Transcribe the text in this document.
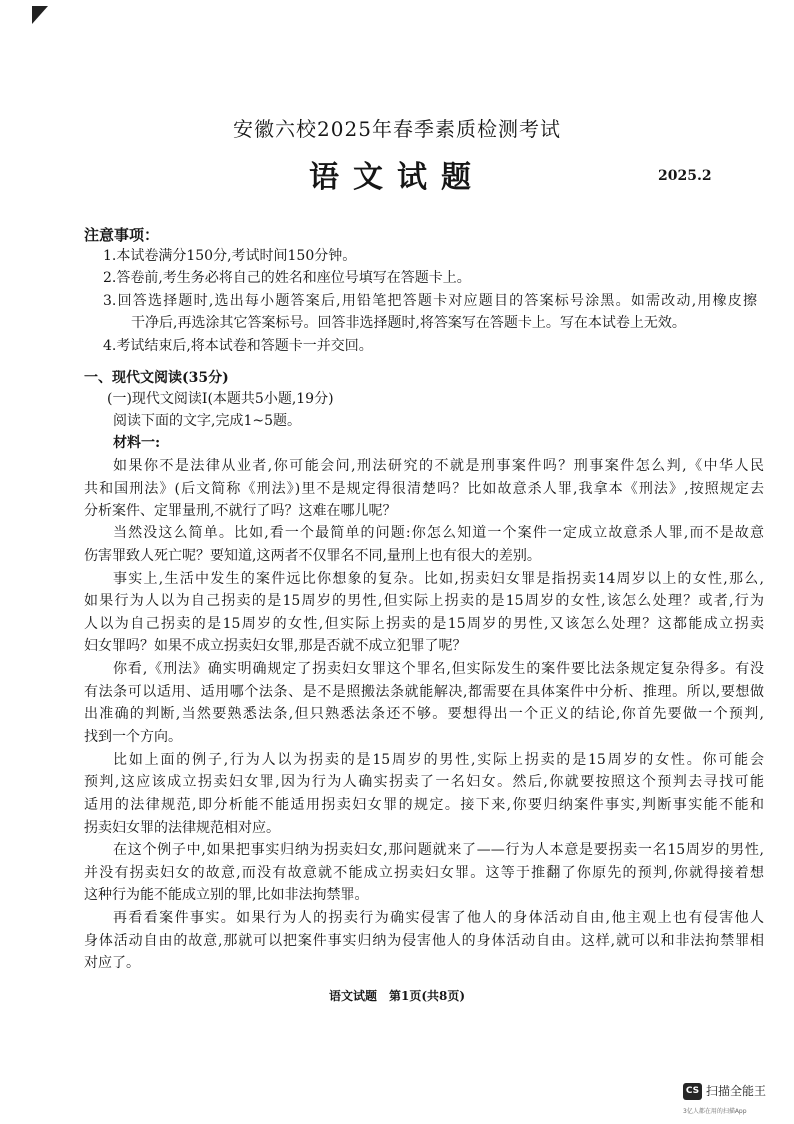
安徽六校2025年春季素质检测考试
语文试题	2025.2
注意事项：
1.本试卷满分150分,考试时间150分钟。
2.答卷前,考生务必将自己的姓名和座位号填写在答题卡上。
3.回答选择题时,选出每小题答案后,用铅笔把答题卡对应题目的答案标号涂黑。如需改动,用橡皮擦
干净后,再选涂其它答案标号。回答非选择题时,将答案写在答题卡上。写在本试卷上无效。
4.考试结束后,将本试卷和答题卡一并交回。
一、现代文阅读(35分)
(一)现代文阅读Ⅰ(本题共5小题,19分)
阅读下面的文字,完成1~5题。
材料一:
如果你不是法律从业者,你可能会问,刑法研究的不就是刑事案件吗？刑事案件怎么判,《中华人民
共和国刑法》(后文简称《刑法》)里不是规定得很清楚吗？比如故意杀人罪,我拿本《刑法》,按照规定去
分析案件、定罪量刑,不就行了吗？这难在哪儿呢？
当然没这么简单。比如,看一个最简单的问题:你怎么知道一个案件一定成立故意杀人罪,而不是故意
伤害罪致人死亡呢？要知道,这两者不仅罪名不同,量刑上也有很大的差别。
事实上,生活中发生的案件远比你想象的复杂。比如,拐卖妇女罪是指拐卖14周岁以上的女性,那么,
如果行为人以为自己拐卖的是15周岁的男性,但实际上拐卖的是15周岁的女性,该怎么处理？或者,行为
人以为自己拐卖的是15周岁的女性,但实际上拐卖的是15周岁的男性,又该怎么处理？这都能成立拐卖
妇女罪吗？如果不成立拐卖妇女罪,那是否就不成立犯罪了呢？
你看,《刑法》确实明确规定了拐卖妇女罪这个罪名,但实际发生的案件要比法条规定复杂得多。有没
有法条可以适用、适用哪个法条、是不是照搬法条就能解决,都需要在具体案件中分析、推理。所以,要想做
出准确的判断,当然要熟悉法条,但只熟悉法条还不够。要想得出一个正义的结论,你首先要做一个预判,
找到一个方向。
比如上面的例子,行为人以为拐卖的是15周岁的男性,实际上拐卖的是15周岁的女性。你可能会
预判,这应该成立拐卖妇女罪,因为行为人确实拐卖了一名妇女。然后,你就要按照这个预判去寻找可能
适用的法律规范,即分析能不能适用拐卖妇女罪的规定。接下来,你要归纳案件事实,判断事实能不能和
拐卖妇女罪的法律规范相对应。
在这个例子中,如果把事实归纳为拐卖妇女,那问题就来了——行为人本意是要拐卖一名15周岁的男性,
并没有拐卖妇女的故意,而没有故意就不能成立拐卖妇女罪。这等于推翻了你原先的预判,你就得接着想
这种行为能不能成立别的罪,比如非法拘禁罪。
再看看案件事实。如果行为人的拐卖行为确实侵害了他人的身体活动自由,他主观上也有侵害他人
身体活动自由的故意,那就可以把案件事实归纳为侵害他人的身体活动自由。这样,就可以和非法拘禁罪相
对应了。
语文试题　第1页(共8页)
CS 扫描全能王
3亿人都在用的扫描App
